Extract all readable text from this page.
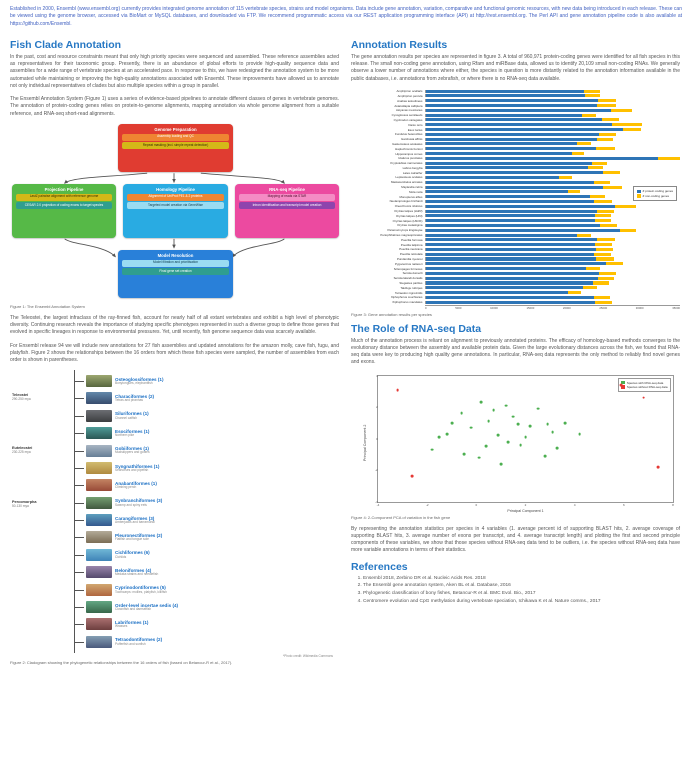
Established in 2000, Ensembl (www.ensembl.org) currently provides integrated genome annotation of 115 vertebrate species, strains and model organisms. Data include gene annotation, variation, comparative and functional genomic resources, with new data being introduced in each release. These can be viewed using the genome browser, accessed via BioMart or MySQL databases, and downloaded via FTP. We recommend programmatic access via our REST application programming interface (API) at http://rest.ensembl.org. The Perl API and gene annotation pipeline code is also available at https://github.com/Ensembl.

Fish Clade Annotation

In the past, cost and resource constraints meant that only high priority species were sequenced and assembled. These reference assemblies acted as representatives for their taxonomic group. Presently, there is an abundance of global efforts to provide high-quality sequence data and assemblies for a wide range of vertebrate species at an accelerated pace. In response to this, we have redesigned the annotation system to be more automated while maintaining or improving the high-quality annotations associated with Ensembl. These improvements have allowed us to annotate not only individual representatives of clades but also multiple species within a group in parallel.

The Ensembl Annotation System (Figure 1) uses a series of evidence-based pipelines to annotate different classes of genes in vertebrate genomes. The annotation of protein-coding genes relies on protein-to-genome alignments, mapping annotation via whole genome alignment from a suitable reference, and RNA-seq short-read alignments.

Genome Preparation
Assembly loading and QC
Repeat masking (incl. simple repeat detection)
Projection Pipeline
LastZ pairwise alignment with reference genome
CESAR 2.0 projection of coding exons to target species
Homology Pipeline
Alignment of UniProt PE1 & 2 proteins
Targeted model creation via GeneWise
RNA-seq Pipeline
Mapping of reads via STAR
Intron identification and transcript model creation
Model Resolution
Model filtration and prioritisation
Final gene set creation

Figure 1: The Ensembl Annotation System

The Teleostei, the largest infraclass of the ray-finned fish, account for nearly half of all extant vertebrates and exhibit a high level of phenotypic diversity. Continuing research reveals the importance of studying specific phenotypes represented in such a diverse group to define those genes that evolved in specific lineages in response to environmental pressures. Yet, until recently, fish genome sequence data was scarcely available.

For Ensembl release 94 we will include new annotations for 27 fish assemblies and updated annotations for the amazon molly, cave fish, fugu, and platyfish. Figure 2 shows the relationships between the 16 orders from which these fish species were sampled, the number of assemblies from each order is shown in parentheses.

Teleostei
290-250 mya
Euteleostei
230-225 mya
Percomorpha
50-130 mya
Osteoglossiformes (1)
Bonytongues, elephantfish
Characiformes (2)
Tetras and piranhas
Siluriformes (1)
Channel catfish
Esociformes (1)
Northern pike
Gobiiformes (1)
Mudskippers and gobies
Syngnathiformes (1)
Seahorses and pipefish
Anabantiformes (1)
Climbing perch
Synbranchiformes (3)
Swamp and spiny eels
Carangiformes (3)
Amberjacks and barramundi
Pleuronectiformes (2)
Flatfish and tongue sole
Cichliformes (6)
Cichlids
Beloniformes (4)
Medaka strains and needlefish
Cyprinodontiformes (5)
Toothcarps: mollies, platyfish, killifish
Order-level incertae sedis (4)
Clownfish and damselfish
Labriformes (1)
Wrasses
Tetraodontiformes (2)
Pufferfish and sunfish

*Photo credit: Wikimedia Commons

Figure 2: Cladogram showing the phylogenetic relationships between the 16 orders of fish (based on Betancur-R et al., 2017).

Annotation Results

The gene annotation results per species are represented in figure 3. A total of 960,971 protein-coding genes were identified for all fish species in this release. The small non-coding gene annotation, using Rfam and miRBase data, allowed us to identify 20,109 small non-coding RNAs. We generally observe a lower number of annotations where either, the species in question is more distantly related to the annotation information available in the public databases, i.e. annotations from zebrafish, or where there is no RNA-seq data available.

Amphiprion ocellaris
Amphiprion percula
Anabas testudineus
Astatotilapia calliptera
Astyanax mexicanus
Cynoglossus semilaevis
Cyprinodon variegatus
Danio rerio
Esox lucius
Fundulus heteroclitus
Gambusia affinis
Gasterosteus aculeatus
Haplochromis burtoni
Hippocampus comes
Ictalurus punctatus
Kryptolebias marmoratus
Labrus bergylta
Lates calcarifer
Lepisosteus oculatus
Mastacembelus armatus
Maylandia zebra
Mola mola
Monopterus albus
Neolamprologus brichardi
Oreochromis niloticus
Oryzias latipes (HdrR)
Oryzias latipes (HNI)
Oryzias latipes (HSOK)
Oryzias melastigma
Paramormyrops kingsleyae
Periophthalmus magnuspinnatus
Poecilia formosa
Poecilia latipinna
Poecilia mexicana
Poecilia reticulata
Pundamilia nyererei
Pygocentrus nattereri
Scleropages formosus
Seriola dumerili
Seriola lalandi dorsalis
Stegastes partitus
Takifugu rubripes
Tetraodon nigroviridis
Xiphophorus couchianus
Xiphophorus maculatus
0	5000	10000	15000	20000	25000	30000	35000
# protein coding genes
# non-coding genes

Figure 3: Gene annotation results per species

The Role of RNA-seq Data

Much of the annotation process is reliant on alignment to previously annotated proteins. The efficacy of homology-based methods converges to the evolutionary distance between the assembly and available protein data. Given the large evolutionary distances across the fish, we found that RNA-seq data were key to producing high quality gene annotations. In particular, RNA-seq data represents the only method to reliably find novel genes and exons.

Principal Component 2
Species with RNA-seq data
Species without RNA-seq data
-4	-2	0	2	4	6	8
-4
-2
0
2
4
Principal Component 1

Figure 4: 2-Component PCA of variation in the fish gene

By representing the annotation statistics per species in 4 variables (1. average percent id of supporting BLAST hits, 2. average coverage of supporting BLAST hits, 3. average number of exons per transcript, and 4. average transcript length) and plotting the first and second principle components of these variables, we show that those species without RNA-seq data tend to be outliers, i.e. the species without RNA-seq data have more variable annotations in terms of their statistics.

References
1. Ensembl 2018, Zerbino DR et al. Nucleic Acids Res. 2018
2. The Ensembl gene annotation system, Aken BL et al. Database, 2016
3. Phylogenetic classification of bony fishes, Betancur-R et al. BMC Evol. Bio., 2017
4. Centromere evolution and CpG methylation during vertebrate speciation, Ichikawa K et al. Nature comms., 2017
